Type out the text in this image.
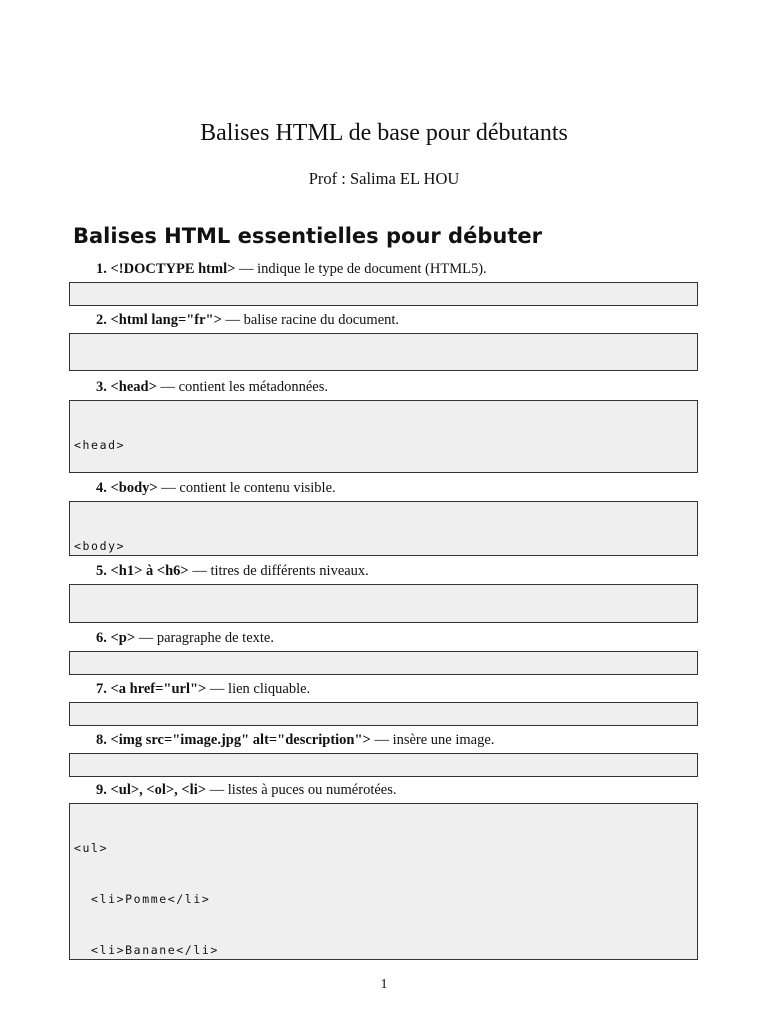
Balises HTML de base pour débutants
Prof : Salima EL HOU
Balises HTML essentielles pour débuter
1. <!DOCTYPE html> — indique le type de document (HTML5).

2. <html lang="fr"> — balise racine du document.

3. <head> — contient les métadonnées.

<head>

4. <body> — contient le contenu visible.

<body>

5. <h1> à <h6> — titres de différents niveaux.

6. <p> — paragraphe de texte.

7. <a href="url"> — lien cliquable.

8. <img src="image.jpg" alt="description"> — insère une image.

9. <ul>, <ol>, <li> — listes à puces ou numérotées.

<ul>

<li>Pomme</li>

<li>Banane</li>

1
